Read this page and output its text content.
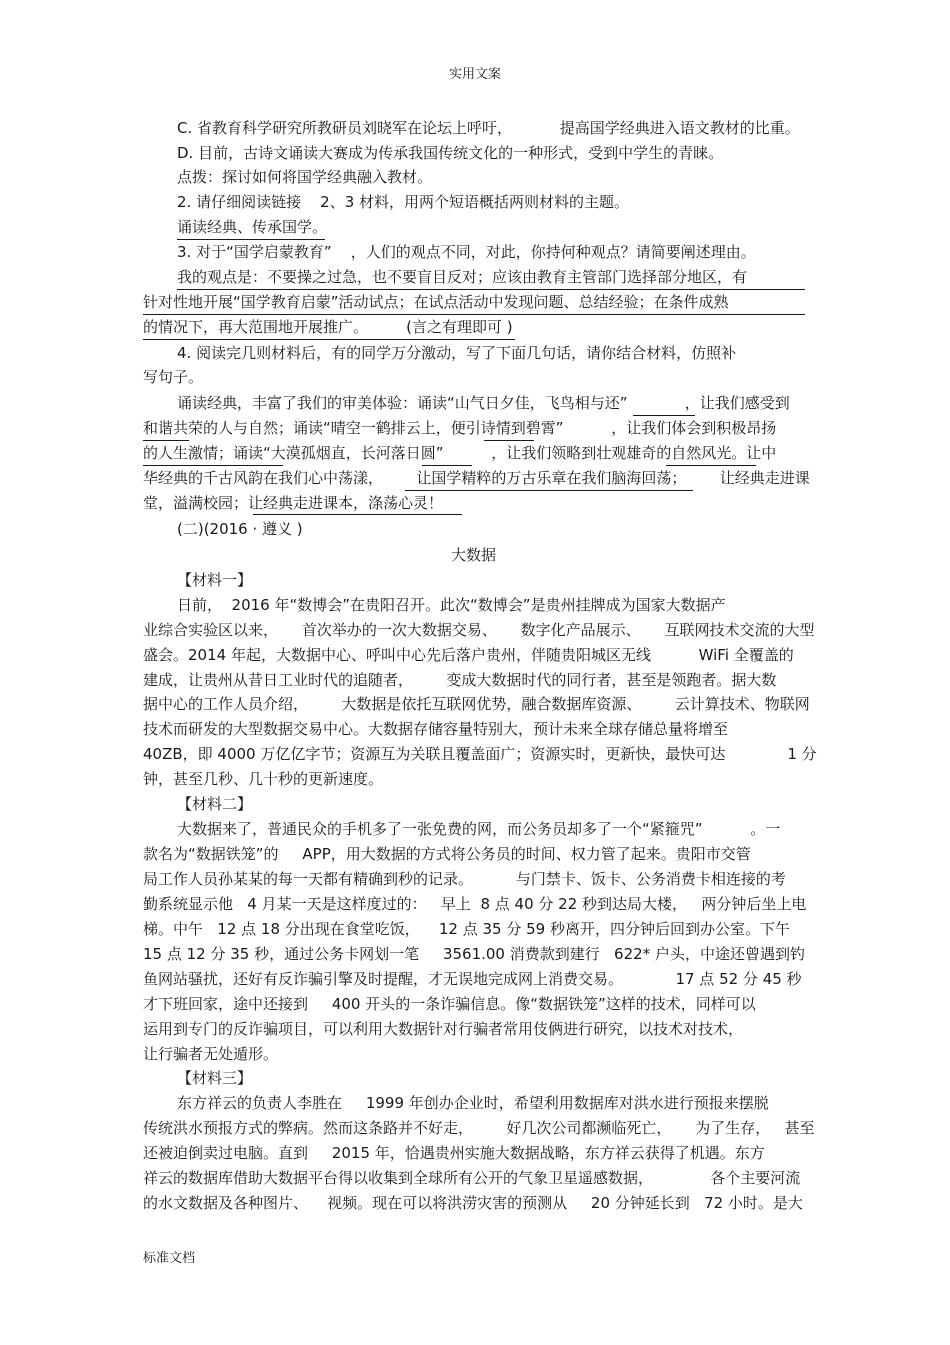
实用文案
C. 省教育科学研究所教研员刘晓军在论坛上呼吁，          提高国学经典进入语文教材的比重。
D. 目前，古诗文诵读大赛成为传承我国传统文化的一种形式，受到中学生的青睐。
点拨：探讨如何将国学经典融入教材。
2. 请仔细阅读链接    2、3 材料，用两个短语概括两则材料的主题。
诵读经典、传承国学。
3. 对于“国学启蒙教育”    ，人们的观点不同，对此，你持何种观点？请简要阐述理由。
我的观点是：不要操之过急，也不要盲目反对；应该由教育主管部门选择部分地区，有
针对性地开展“国学教育启蒙”活动试点；在试点活动中发现问题、总结经验；在条件成熟
的情况下，再大范围地开展推广。        (言之有理即可 )
4. 阅读完几则材料后，有的同学万分激动，写了下面几句话，请你结合材料，仿照补
写句子。
诵读经典，丰富了我们的审美体验：诵读“山气日夕佳，飞鸟相与还”            ，让我们感受到
和谐共荣的人与自然；诵读“晴空一鹤排云上，便引诗情到碧霄”          ，让我们体会到积极昂扬
的人生激情；诵读“大漠孤烟直，长河落日圆”          ，让我们领略到壮观雄奇的自然风光。让中
华经典的千古风韵在我们心中荡漾，       让国学精粹的万古乐章在我们脑海回荡；       让经典走进课
堂，溢满校园；让经典走进课本，涤荡心灵！
(二)(2016 · 遵义 )
大数据
【材料一】
日前，  2016 年“数博会”在贵阳召开。此次“数博会”是贵州挂牌成为国家大数据产
业综合实验区以来，     首次举办的一次大数据交易、     数字化产品展示、     互联网技术交流的大型
盛会。2014 年起，大数据中心、呼叫中心先后落户贵州，伴随贵阳城区无线          WiFi 全覆盖的
建成，让贵州从昔日工业时代的追随者，       变成大数据时代的同行者，甚至是领跑者。据大数
据中心的工作人员介绍，       大数据是依托互联网优势，融合数据库资源、       云计算技术、物联网
技术而研发的大型数据交易中心。大数据存储容量特别大，预计未来全球存储总量将增至
40ZB，即 4000 万亿亿字节；资源互为关联且覆盖面广；资源实时，更新快，最快可达             1 分
钟，甚至几秒、几十秒的更新速度。
【材料二】
大数据来了，普通民众的手机多了一张免费的网，而公务员却多了一个“紧箍咒”          。一
款名为“数据铁笼”的     APP，用大数据的方式将公务员的时间、权力管了起来。贵阳市交管
局工作人员孙某某的每一天都有精确到秒的记录。         与门禁卡、饭卡、公务消费卡相连接的考
勤系统显示他   4 月某一天是这样度过的：   早上  8 点 40 分 22 秒到达局大楼，   两分钟后坐上电
梯。中午   12 点 18 分出现在食堂吃饭，    12 点 35 分 59 秒离开，四分钟后回到办公室。下午
15 点 12 分 35 秒，通过公务卡网划一笔     3561.00 消费款到建行   622* 户头，中途还曾遇到钓
鱼网站骚扰，还好有反诈骗引擎及时提醒，才无误地完成网上消费交易。           17 点 52 分 45 秒
才下班回家，途中还接到     400 开头的一条诈骗信息。像“数据铁笼”这样的技术，同样可以
运用到专门的反诈骗项目，可以利用大数据针对行骗者常用伎俩进行研究，以技术对技术，
让行骗者无处遁形。
【材料三】
东方祥云的负责人李胜在     1999 年创办企业时，希望利用数据库对洪水进行预报来摆脱
传统洪水预报方式的弊病。然而这条路并不好走，       好几次公司都濒临死亡，     为了生存，   甚至
还被迫倒卖过电脑。直到     2015 年，恰遇贵州实施大数据战略，东方祥云获得了机遇。东方
祥云的数据库借助大数据平台得以收集到全球所有公开的气象卫星遥感数据，            各个主要河流
的水文数据及各种图片、    视频。现在可以将洪涝灾害的预测从     20 分钟延长到   72 小时。是大
标准文档
